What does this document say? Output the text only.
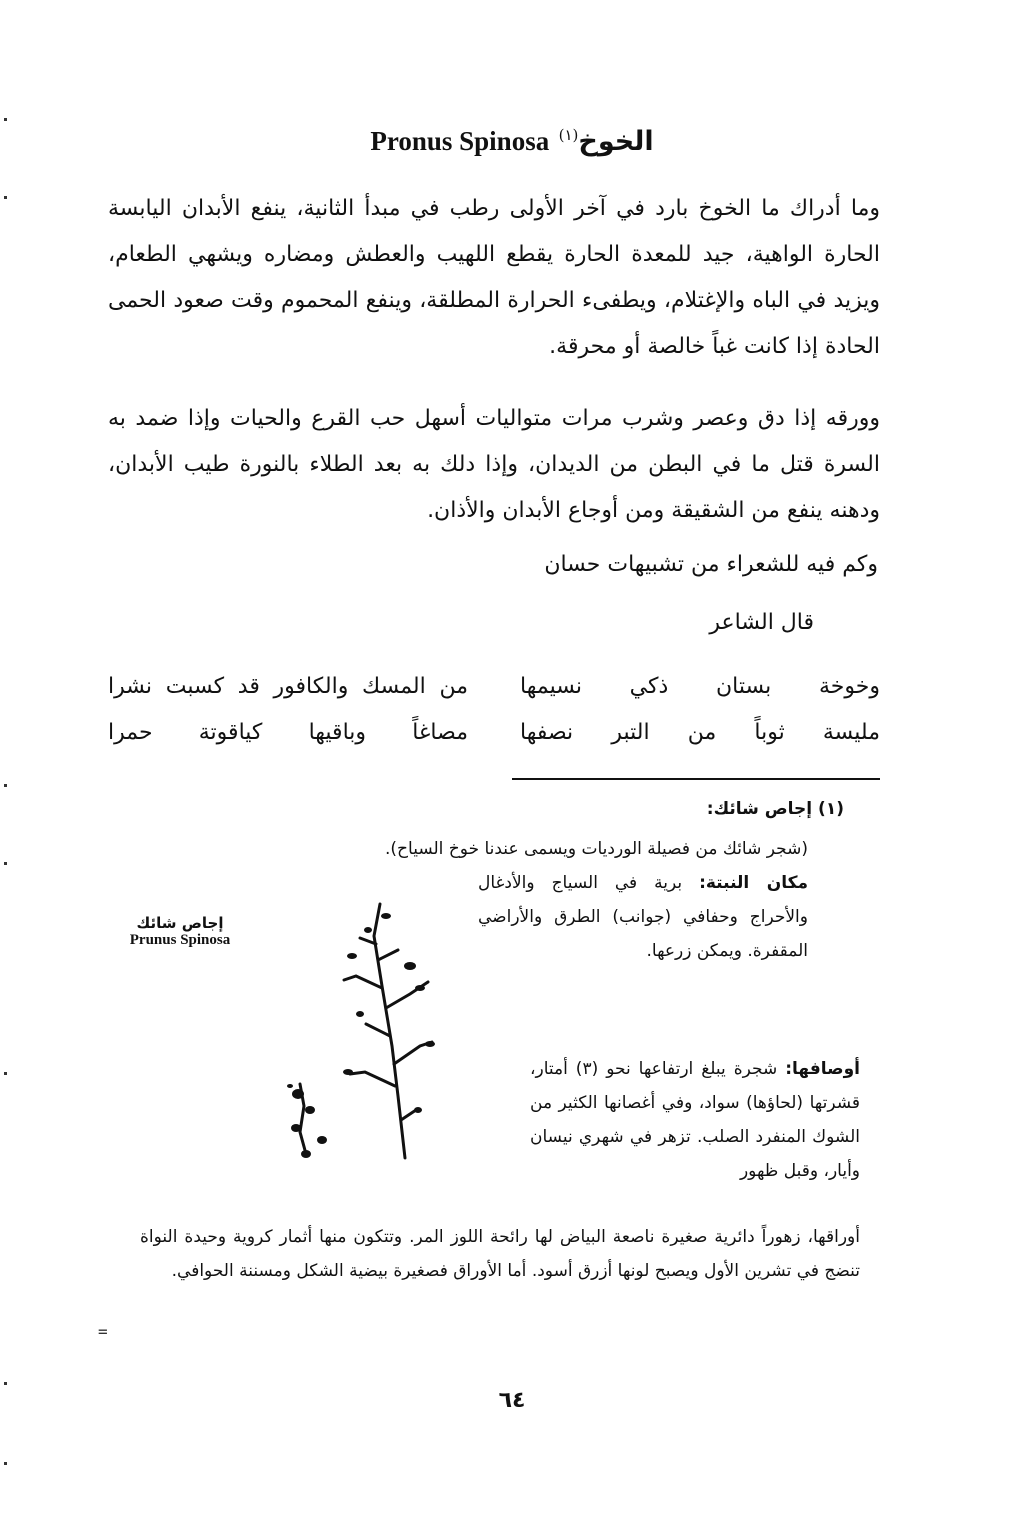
Pronus Spinosa $^{(١)}$الخوخ
وما أدراك ما الخوخ بارد في آخر الأولى رطب في مبدأ الثانية، ينفع الأبدان اليابسة الحارة الواهية، جيد للمعدة الحارة يقطع اللهيب والعطش ومضاره ويشهي الطعام، ويزيد في الباه والإغتلام، ويطفىء الحرارة المطلقة، وينفع المحموم وقت صعود الحمى الحادة إذا كانت غباً خالصة أو محرقة.
وورقه إذا دق وعصر وشرب مرات متواليات أسهل حب القرع والحيات وإذا ضمد به السرة قتل ما في البطن من الديدان، وإذا دلك به بعد الطلاء بالنورة طيب الأبدان، ودهنه ينفع من الشقيقة ومن أوجاع الأبدان والأذان.
وكم فيه للشعراء من تشبيهات حسان
قال الشاعر
وخوخة بستان ذكي نسيمها
من المسك والكافور قد كسبت نشرا
مليسة ثوباً من التبر نصفها
مصاغاً وباقيها كياقوتة حمرا
(١) إجاص شائك:
(شجر شائك من فصيلة الورديات ويسمى عندنا خوخ السياح).
مكان النبتة: برية في السياج والأدغال والأحراج وحفافي (جوانب) الطرق والأراضي المقفرة. ويمكن زرعها.
أوصافها: شجرة يبلغ ارتفاعها نحو (٣) أمتار، قشرتها (لحاؤها) سواد، وفي أغصانها الكثير من الشوك المنفرد الصلب. تزهر في شهري نيسان وأيار، وقبل ظهور
أوراقها، زهوراً دائرية صغيرة ناصعة البياض لها رائحة اللوز المر. وتتكون منها أثمار كروية وحيدة النواة تنضج في تشرين الأول ويصبح لونها أزرق أسود. أما الأوراق فصغيرة بيضية الشكل ومسننة الحوافي.
إجاص شائك
Prunus Spinosa
=
٦٤
